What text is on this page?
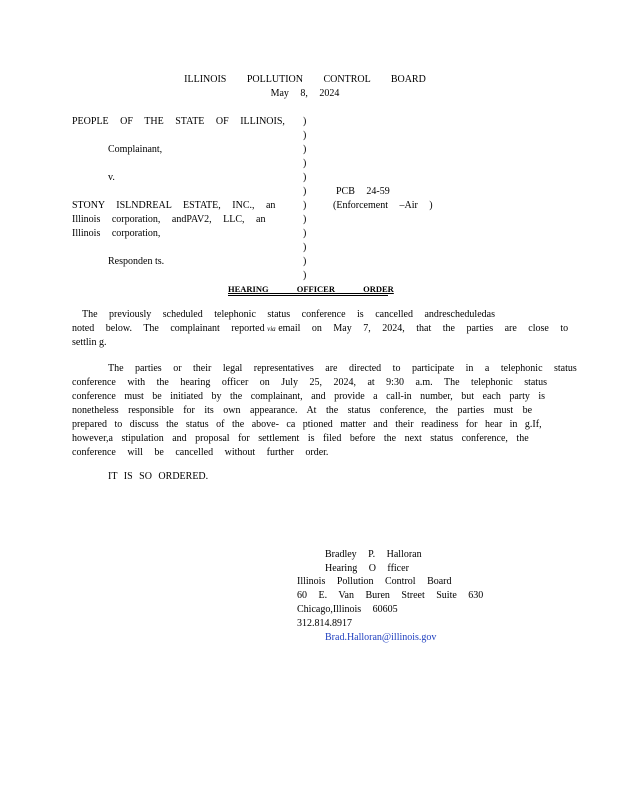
ILLINOIS POLLUTION CONTROL BOARD
May 8, 2024
PEOPLE OF THE STATE OF ILLINOIS,
Complainant,
v.
STONY ISLNDREAL ESTATE, INC., an
Illinois corporation, andPAV2, LLC, an
Illinois corporation,
Responden ts.
)
)
)
)
)
)
)
)
)
)
)
)
PCB 24-59
(Enforcement –Air )
HEARING OFFICER ORDER
The previously scheduled telephonic status conference is cancelled andrescheduledas
noted below. The complainant reported via email on May 7, 2024, that the parties are close to
settlin g.
The parties or their legal representatives are directed to participate in a telephonic status
conference with the hearing officer on July 25, 2024, at 9:30 a.m. The telephonic status
conference must be initiated by the complainant, and provide a call-in number, but each party is
nonetheless responsible for its own appearance. At the status conference, the parties must be
prepared to discuss the status of the above- ca ptioned matter and their readiness for hear in g.If,
however,a stipulation and proposal for settlement is filed before the next status conference, the
conference will be cancelled without further order.
IT IS SO ORDERED.
Bradley P. Halloran
Hearing O fficer
Illinois Pollution Control Board
60 E. Van Buren Street Suite 630
Chicago,Illinois 60605
312.814.8917
Brad.Halloran@illinois.gov
